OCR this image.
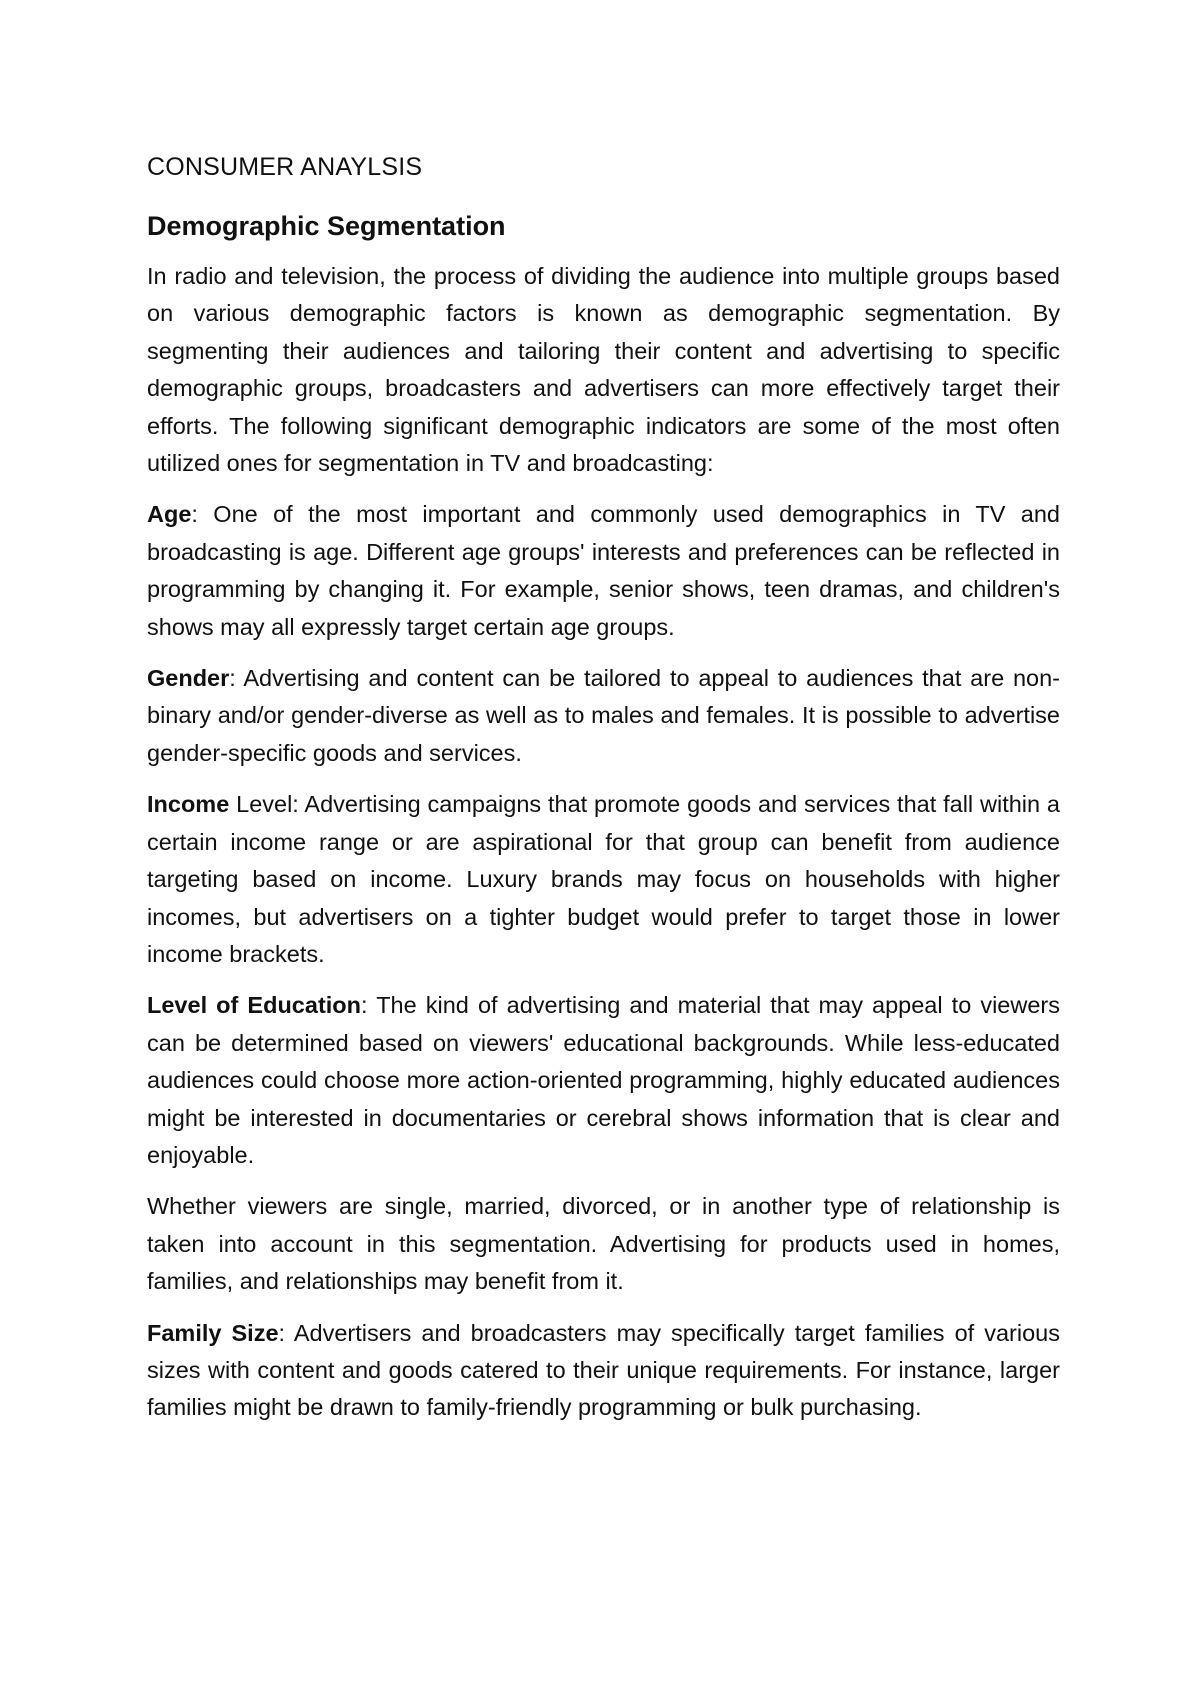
CONSUMER ANAYLSIS
Demographic Segmentation

In radio and television, the process of dividing the audience into multiple groups based on various demographic factors is known as demographic segmentation. By segmenting their audiences and tailoring their content and advertising to specific demographic groups, broadcasters and advertisers can more effectively target their efforts. The following significant demographic indicators are some of the most often utilized ones for segmentation in TV and broadcasting:

Age: One of the most important and commonly used demographics in TV and broadcasting is age. Different age groups' interests and preferences can be reflected in programming by changing it. For example, senior shows, teen dramas, and children's shows may all expressly target certain age groups.

Gender: Advertising and content can be tailored to appeal to audiences that are non-binary and/or gender-diverse as well as to males and females. It is possible to advertise gender-specific goods and services.

Income Level: Advertising campaigns that promote goods and services that fall within a certain income range or are aspirational for that group can benefit from audience targeting based on income. Luxury brands may focus on households with higher incomes, but advertisers on a tighter budget would prefer to target those in lower income brackets.

Level of Education: The kind of advertising and material that may appeal to viewers can be determined based on viewers' educational backgrounds. While less-educated audiences could choose more action-oriented programming, highly educated audiences might be interested in documentaries or cerebral shows information that is clear and enjoyable.

Whether viewers are single, married, divorced, or in another type of relationship is taken into account in this segmentation. Advertising for products used in homes, families, and relationships may benefit from it.

Family Size: Advertisers and broadcasters may specifically target families of various sizes with content and goods catered to their unique requirements. For instance, larger families might be drawn to family-friendly programming or bulk purchasing.
